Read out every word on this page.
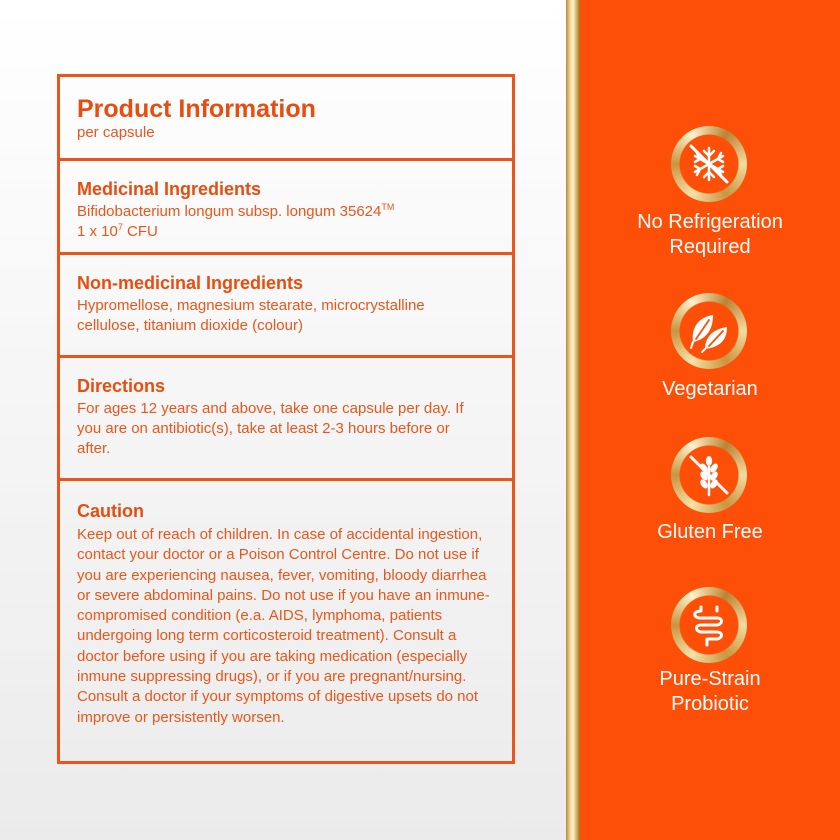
Product Information
per capsule
Medicinal Ingredients
Bifidobacterium longum subsp. longum 35624™
1 x $10^7$ CFU
Non-medicinal Ingredients
Hypromellose, magnesium stearate, microcrystalline cellulose, titanium dioxide (colour)
Directions
For ages 12 years and above, take one capsule per day. If you are on antibiotic(s), take at least 2-3 hours before or after.
Caution
Keep out of reach of children. In case of accidental ingestion, contact your doctor or a Poison Control Centre. Do not use if you are experiencing nausea, fever, vomiting, bloody diarrhea or severe abdominal pains. Do not use if you have an inmune-compromised condition (e.a. AIDS, lymphoma, patients undergoing long term corticosteroid treatment). Consult a doctor before using if you are taking medication (especially inmune suppressing drugs), or if you are pregnant/nursing. Consult a doctor if your symptoms of digestive upsets do not improve or persistently worsen.
No Refrigeration
Required
Vegetarian
Gluten Free
Pure-Strain
Probiotic
